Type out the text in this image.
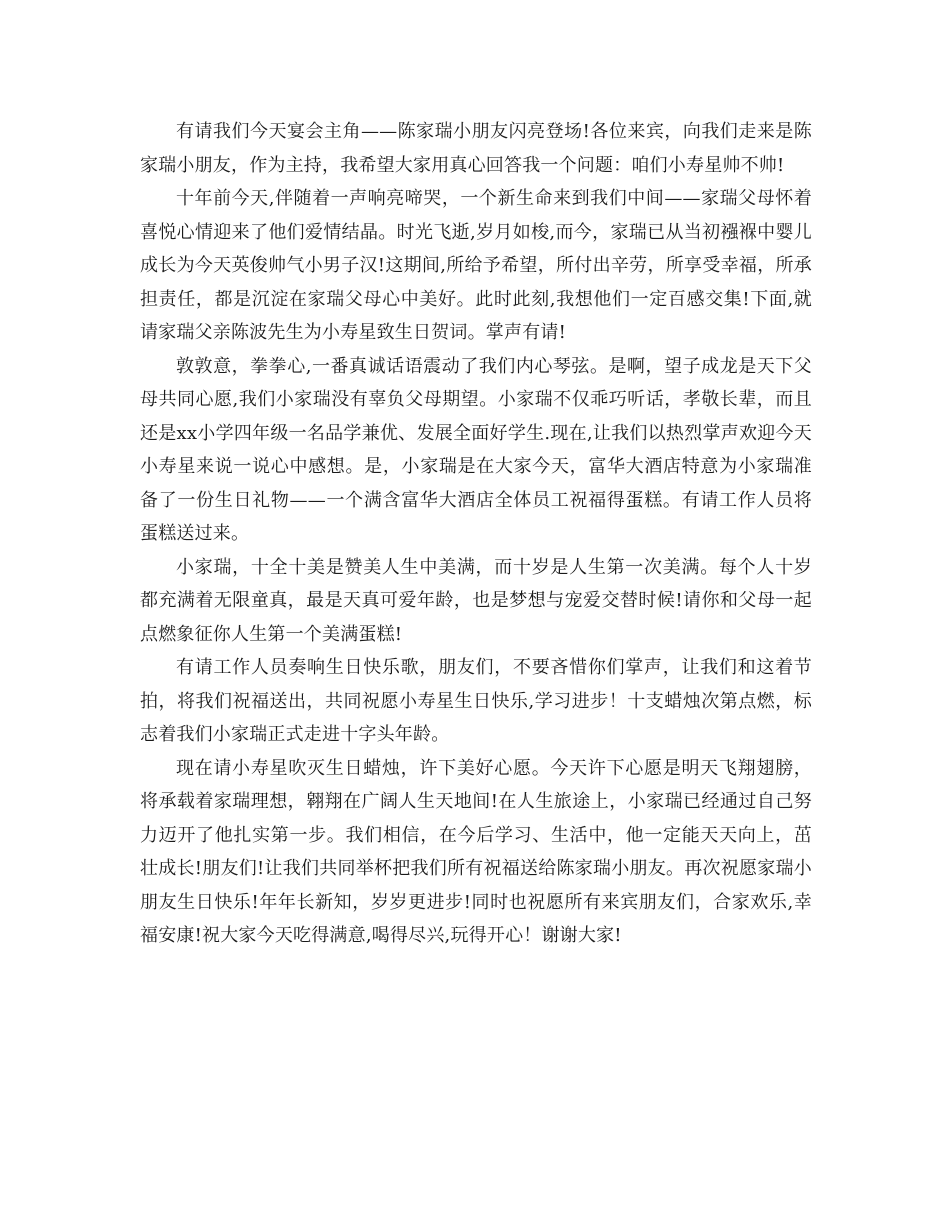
有请我们今天宴会主角——陈家瑞小朋友闪亮登场!各位来宾，向我们走来是陈家瑞小朋友，作为主持，我希望大家用真心回答我一个问题：咱们小寿星帅不帅!

十年前今天,伴随着一声响亮啼哭，一个新生命来到我们中间——家瑞父母怀着喜悦心情迎来了他们爱情结晶。时光飞逝,岁月如梭,而今，家瑞已从当初襁褓中婴儿成长为今天英俊帅气小男子汉!这期间,所给予希望，所付出辛劳，所享受幸福，所承担责任，都是沉淀在家瑞父母心中美好。此时此刻,我想他们一定百感交集!下面,就请家瑞父亲陈波先生为小寿星致生日贺词。掌声有请!

敦敦意，拳拳心,一番真诚话语震动了我们内心琴弦。是啊，望子成龙是天下父母共同心愿,我们小家瑞没有辜负父母期望。小家瑞不仅乖巧听话，孝敬长辈，而且还是xx小学四年级一名品学兼优、发展全面好学生.现在,让我们以热烈掌声欢迎今天小寿星来说一说心中感想。是，小家瑞是在大家今天，富华大酒店特意为小家瑞准备了一份生日礼物——一个满含富华大酒店全体员工祝福得蛋糕。有请工作人员将蛋糕送过来。

小家瑞，十全十美是赞美人生中美满，而十岁是人生第一次美满。每个人十岁都充满着无限童真，最是天真可爱年龄，也是梦想与宠爱交替时候!请你和父母一起点燃象征你人生第一个美满蛋糕!

有请工作人员奏响生日快乐歌，朋友们，不要吝惜你们掌声，让我们和这着节拍，将我们祝福送出，共同祝愿小寿星生日快乐,学习进步！十支蜡烛次第点燃，标志着我们小家瑞正式走进十字头年龄。

现在请小寿星吹灭生日蜡烛，许下美好心愿。今天许下心愿是明天飞翔翅膀，将承载着家瑞理想，翱翔在广阔人生天地间!在人生旅途上，小家瑞已经通过自己努力迈开了他扎实第一步。我们相信，在今后学习、生活中，他一定能天天向上，茁壮成长!朋友们!让我们共同举杯把我们所有祝福送给陈家瑞小朋友。再次祝愿家瑞小朋友生日快乐!年年长新知，岁岁更进步!同时也祝愿所有来宾朋友们，合家欢乐,幸福安康!祝大家今天吃得满意,喝得尽兴,玩得开心！谢谢大家!
